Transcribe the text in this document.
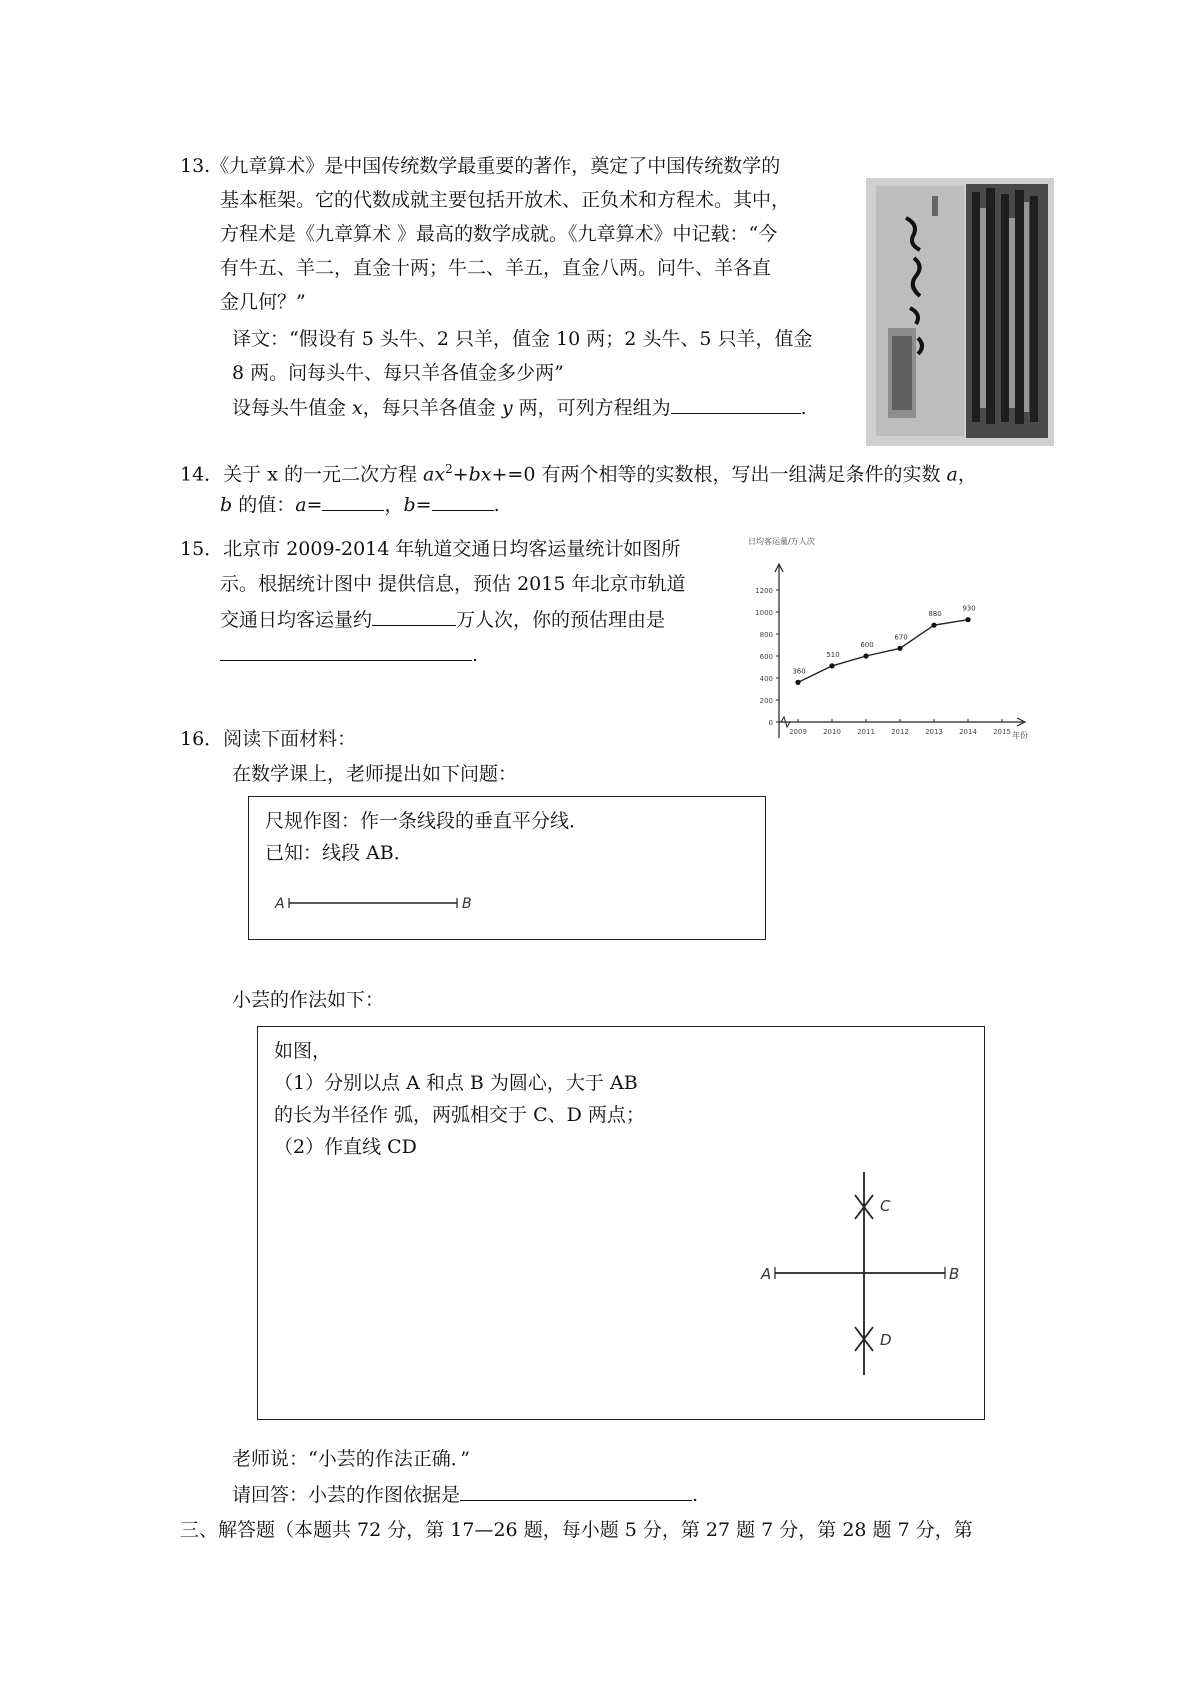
13.《九章算术》是中国传统数学最重要的著作，奠定了中国传统数学的
基本框架。它的代数成就主要包括开放术、正负术和方程术。其中，
方程术是《九章算术 》最高的数学成就。《九章算术》中记载：“今
有牛五、羊二，直金十两；牛二、羊五，直金八两。问牛、羊各直
金几何？”
译文：“假设有 5 头牛、2 只羊，值金 10 两；2 头牛、5 只羊，值金
8 两。问每头牛、每只羊各值金多少两”
设每头牛值金 x，每只羊各值金 y 两，可列方程组为	.
14．关于 x 的一元二次方程 $ax^2+bx+=0$ 有两个相等的实数根，写出一组满足条件的实数 a，
b 的值：a=	，b=	.
15．北京市 2009-2014 年轨道交通日均客运量统计如图所
示。根据统计图中 提供信息，预估 2015 年北京市轨道
交通日均客运量约	万人次，你的预估理由是
.
日均客运量/万人次
年份
0
200
400
600
800
1000
1200
2009 2010 2011 2012 2013 2014 2015
360
510
600
670
880
930
16．阅读下面材料：
在数学课上，老师提出如下问题：
尺规作图：作一条线段的垂直平分线．
已知：线段 AB．
A	B
小芸的作法如下：
如图，
（1）分别以点 A 和点 B 为圆心，大于 AB
的长为半径作 弧，两弧相交于 C、D 两点；
（2）作直线 CD
A	B
C
D
老师说：“小芸的作法正确．”
请回答：小芸的作图依据是	.
三、解答题（本题共 72 分，第 17—26 题，每小题 5 分，第 27 题 7 分，第 28 题 7 分，第
